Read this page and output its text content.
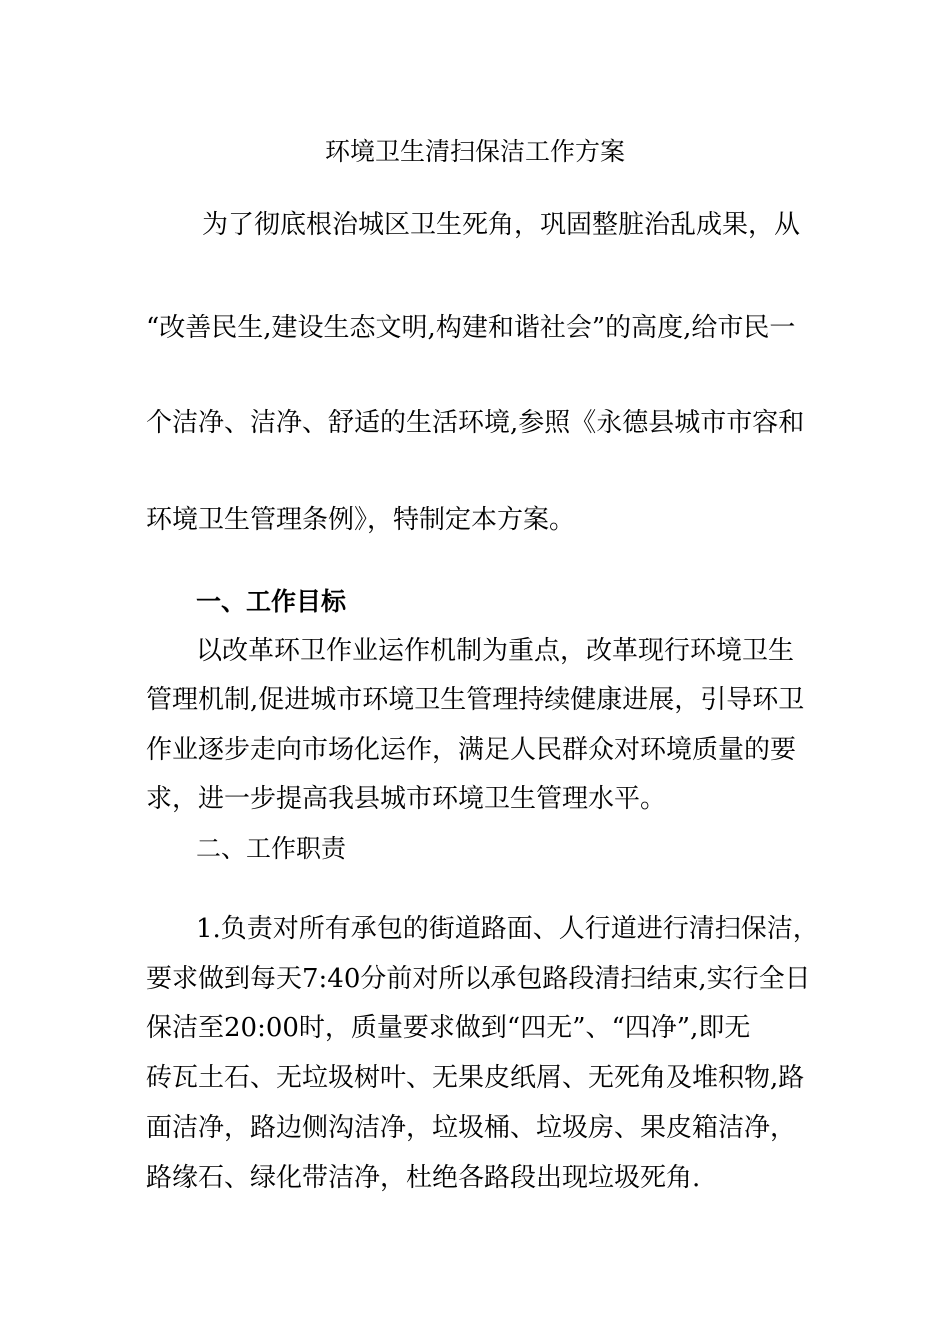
环境卫生清扫保洁工作方案
为了彻底根治城区卫生死角，巩固整脏治乱成果，从
“改善民生,建设生态文明,构建和谐社会”的高度,给市民一
个洁净、洁净、舒适的生活环境,参照《永德县城市市容和
环境卫生管理条例》，特制定本方案。
一、工作目标
以改革环卫作业运作机制为重点，改革现行环境卫生
管理机制,促进城市环境卫生管理持续健康进展，引导环卫
作业逐步走向市场化运作，满足人民群众对环境质量的要
求，进一步提高我县城市环境卫生管理水平。
二、工作职责
1.负责对所有承包的街道路面、人行道进行清扫保洁，
要求做到每天7:40分前对所以承包路段清扫结束,实行全日
保洁至20:00时，质量要求做到“四无”、“四净”,即无
砖瓦土石、无垃圾树叶、无果皮纸屑、无死角及堆积物,路
面洁净，路边侧沟洁净，垃圾桶、垃圾房、果皮箱洁净，
路缘石、绿化带洁净，杜绝各路段出现垃圾死角.
